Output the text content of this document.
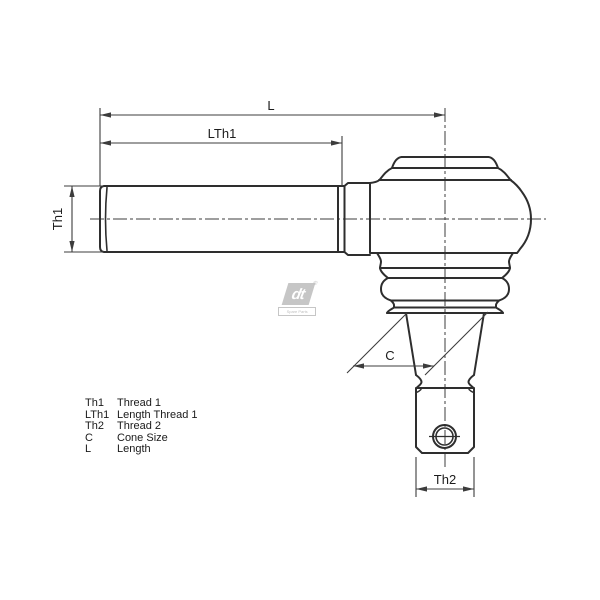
L
LTh1
Th1
C
Th2
Th1	Thread 1
LTh1 Length Thread 1
Th2	Thread 2
C	Cone Size
L	Length
dt
®
Spare Parts
